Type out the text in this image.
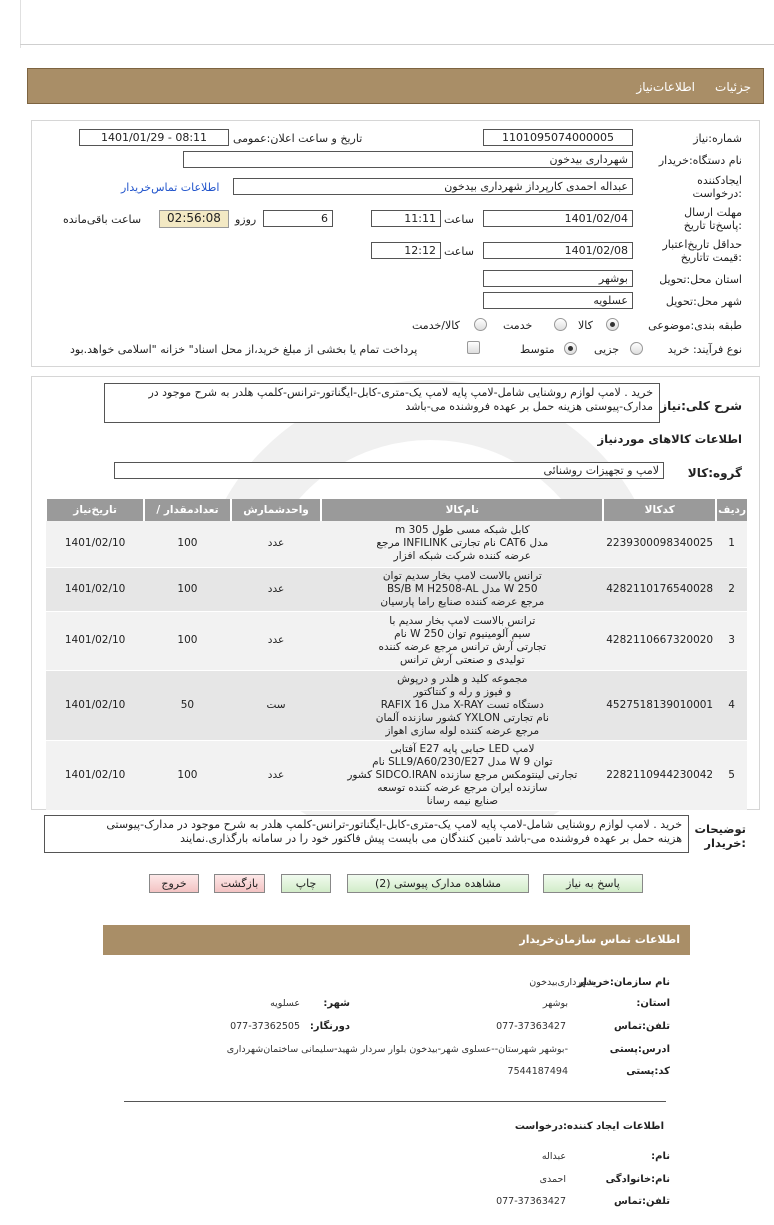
جزئیات
اطلاعات‌نیاز
شماره:نیاز
1101095074000005
تاریخ و ساعت اعلان:عمومی
1401/01/29 - 08:11
نام دستگاه:خریدار
شهرداری بیدخون
ایجادکننده :درخواست
عبداله احمدی کارپرداز شهرداری بیدخون
اطلاعات تماس‌خریدار
مهلت ارسال :پاسخ‌تا تاریخ
1401/02/04
ساعت
11:11
6
روزو
02:56:08
ساعت باقی‌مانده
حداقل تاریخ‌اعتبار :قیمت تا‌تاریخ
1401/02/08
ساعت
12:12
استان محل:تحویل
بوشهر
شهر محل:تحویل
عسلویه
طبقه بندی:موضوعی
کالا
خدمت
کالا/خدمت
نوع فرآیند: خرید
جزیی
متوسط
پرداخت تمام یا بخشی از مبلغ خرید،از محل اسناد" خزانه "اسلامی خواهد.بود
شرح کلی:نیاز
خرید . لامپ لوازم روشنایی شامل-لامپ پایه لامپ یک-متری-کابل-ایگناتور-ترانس-کلمپ هلدر به شرح موجود در
مدارک-پیوستی هزینه حمل بر عهده فروشنده می-باشد
اطلاعات کالاهای موردنیاز
گروه:کالا
لامپ و تجهیزات روشنائی
ردیف	کدکالا	نام‌کالا	واحدشمارش	تعدادمقدار /	تاریخ‌نیاز
1	2239300098340025	کابل شبکه مسی طول m 305
مدل CAT6 نام تجارتی INFILINK مرجع
عرضه کننده شرکت شبکه افزار	عدد	100	1401/02/10
2	4282110176540028	ترانس بالاست لامپ بخار سدیم توان
W 250 مدل BS/B M H2508-AL
مرجع عرضه کننده صنایع راما پارسیان	عدد	100	1401/02/10
3	4282110667320020	ترانس بالاست لامپ بخار سدیم با
سیم آلومینیوم توان W 250 نام
تجارتی آرش ترانس مرجع عرضه کننده
تولیدی و صنعتی آرش ترانس	عدد	100	1401/02/10
4	4527518139010001	مجموعه کلید و هلدر و درپوش
و فیوز و رله و کنتاکتور
دستگاه تست X-RAY مدل RAFIX 16
نام تجارتی YXLON کشور سازنده آلمان
مرجع عرضه کننده لوله سازی اهواز	ست	50	1401/02/10
5	2282110944230042	لامپ LED حبابی پایه E27 آفتابی
توان W 9 مدل SLL9/A60/230/E27 نام
تجارتی لینتومکس مرجع سازنده SIDCO.IRAN کشور
سازنده ایران مرجع عرضه کننده توسعه
صنایع نیمه رسانا	عدد	100	1401/02/10
توضیحات :خریدار
خرید . لامپ لوازم روشنایی شامل-لامپ پایه لامپ یک-متری-کابل-ایگناتور-ترانس-کلمپ هلدر به شرح موجود در مدارک-پیوستی
هزینه حمل بر عهده فروشنده می-باشد تامین کنندگان می بایست پیش فاکتور خود را در سامانه بارگذاری.نمایند
پاسخ به نیاز
مشاهده مدارک پیوستی (2)
چاپ
بازگشت
خروج
اطلاعات تماس سازمان‌خریدار
نام سازمان:خریدار
شهرداری‌بیدخون
استان:
بوشهر
شهر:
عسلویه
تلفن:تماس
077-37363427
دورنگار:
077-37362505
ادرس:پستی
-بوشهر شهرستان--عسلوی شهر-بیدخون بلوار سردار شهید-سلیمانی ساختمان‌شهرداری
کد:پستی
7544187494
اطلاعات ایجاد کننده:درخواست
نام:
عبداله
نام:خانوادگی
احمدی
تلفن:تماس
077-37363427
